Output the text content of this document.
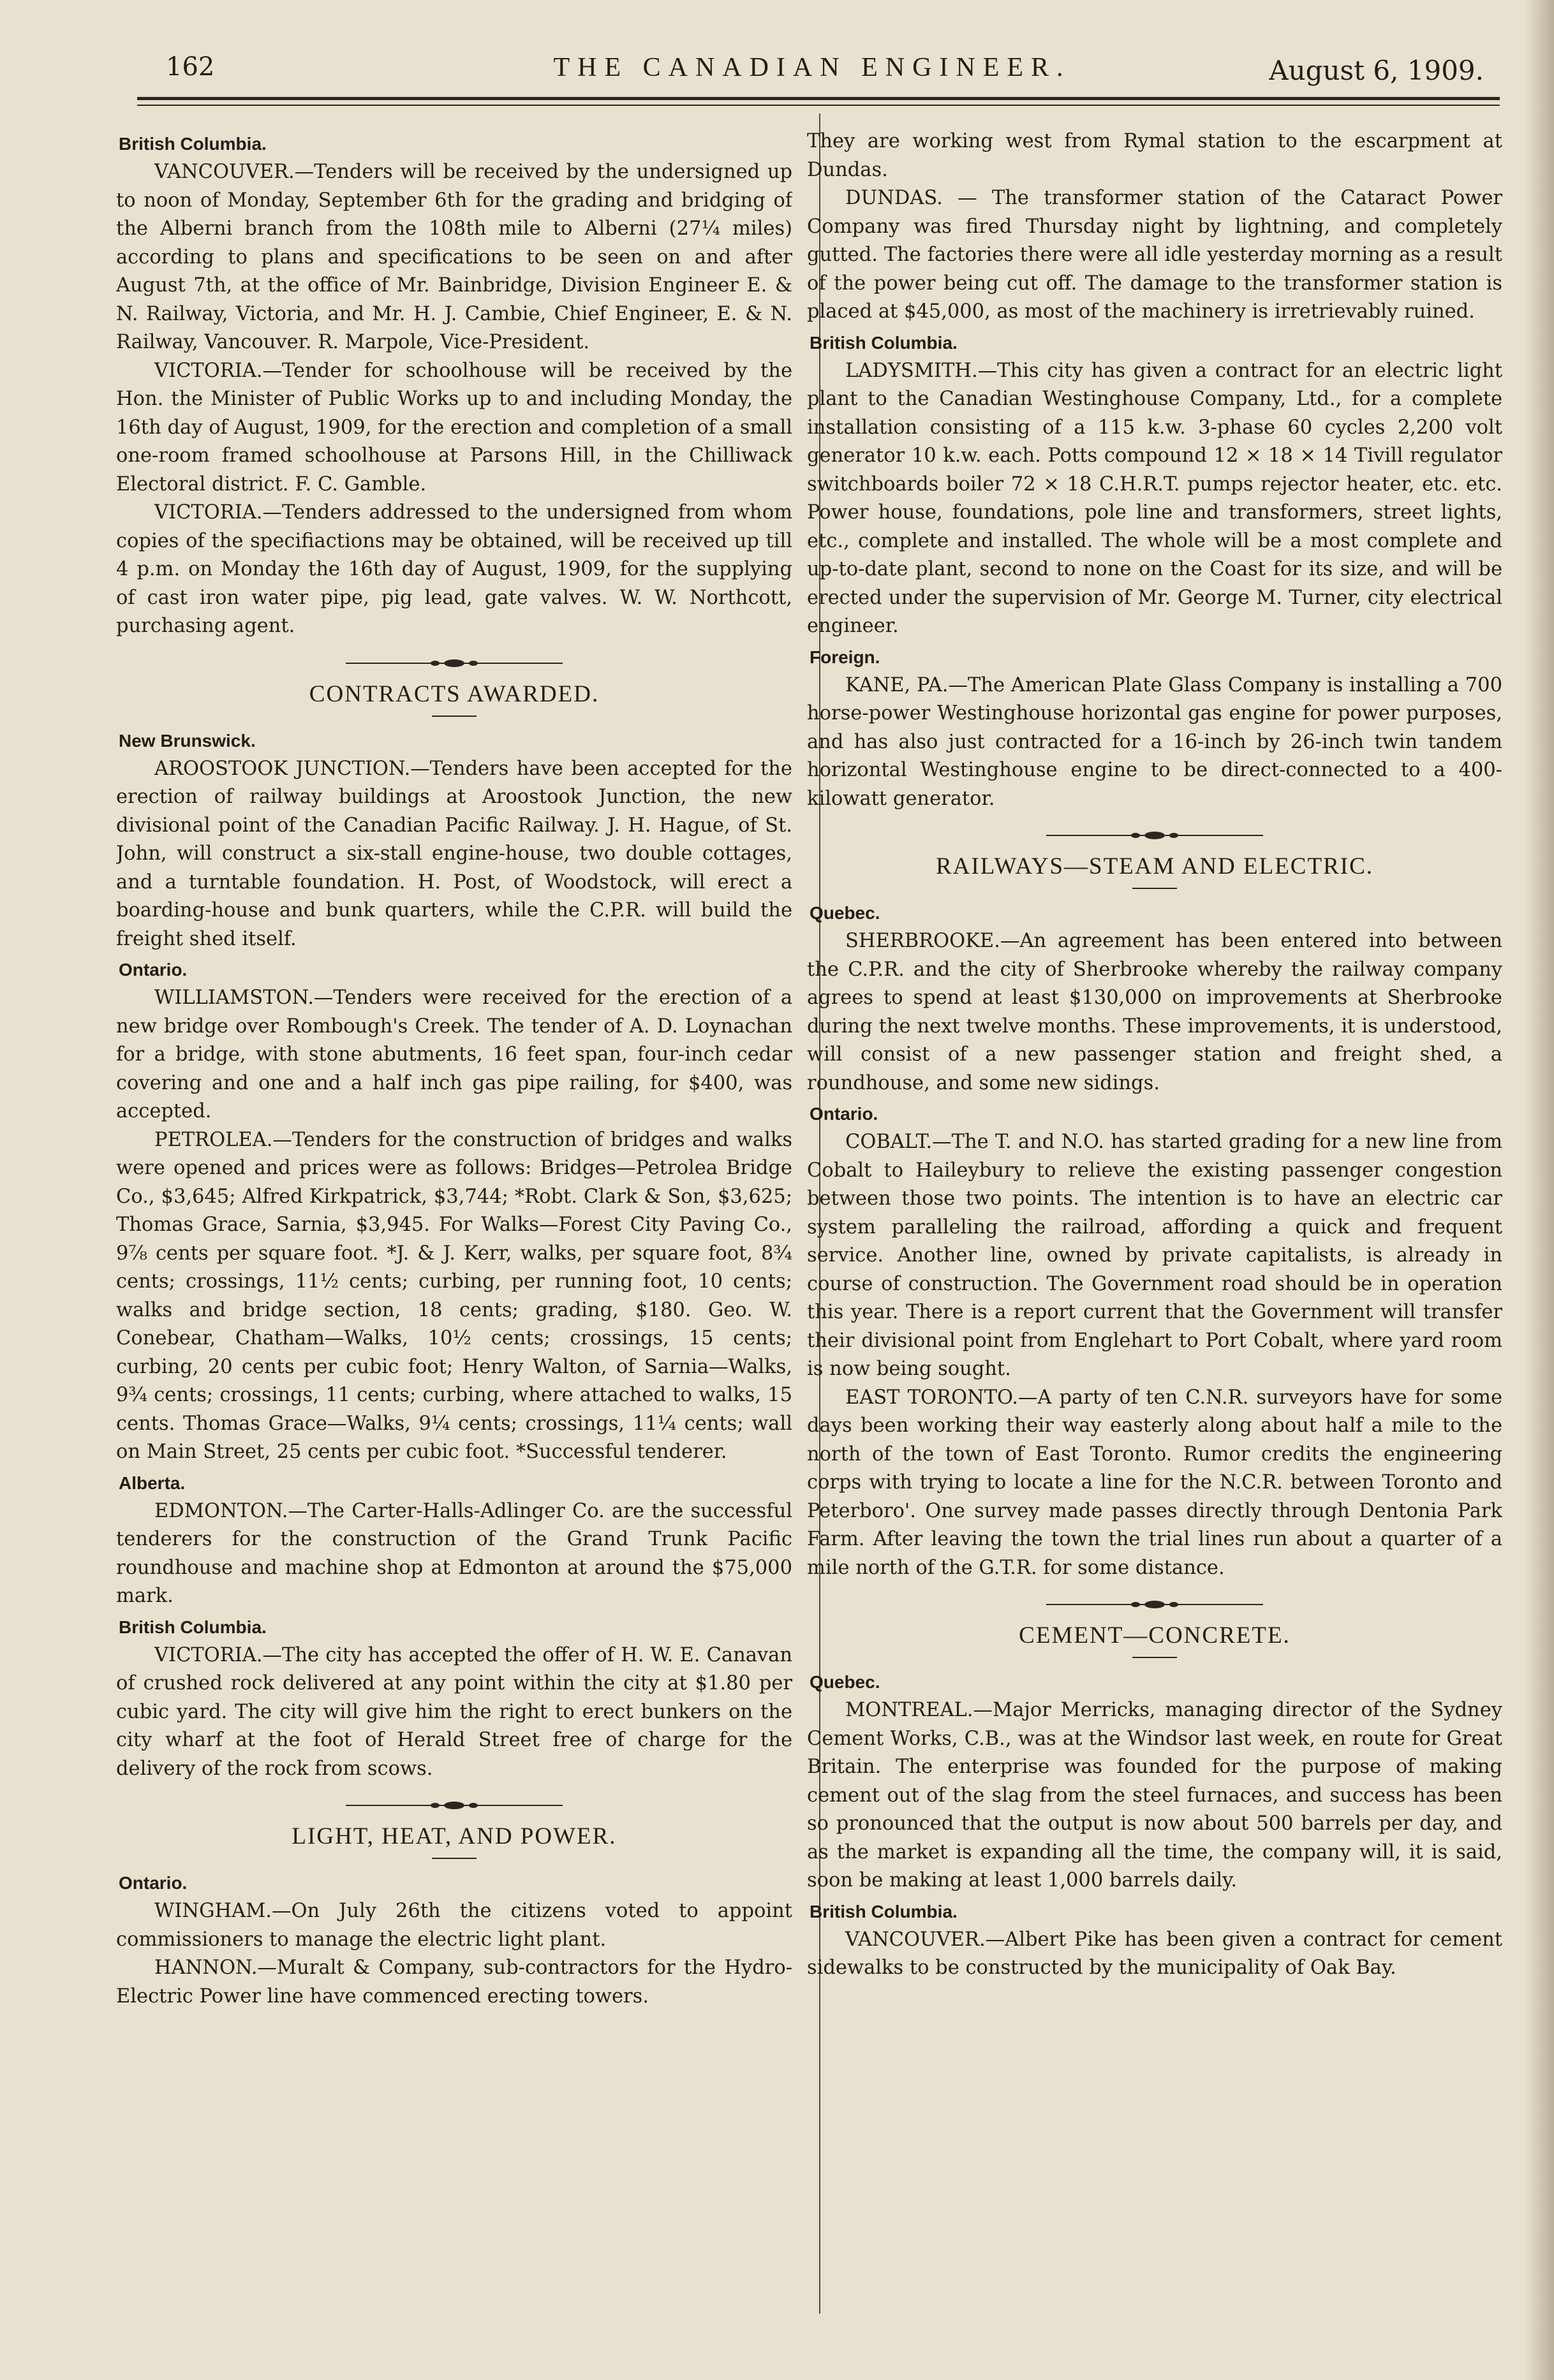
162	THE CANADIAN ENGINEER.	August 6, 1909.
British Columbia.

VANCOUVER.—Tenders will be received by the undersigned up to noon of Monday, September 6th for the grading and bridging of the Alberni branch from the 108th mile to Alberni (27¼ miles) according to plans and specifications to be seen on and after August 7th, at the office of Mr. Bainbridge, Division Engineer E. & N. Railway, Victoria, and Mr. H. J. Cambie, Chief Engineer, E. & N. Railway, Vancouver. R. Marpole, Vice-President.

VICTORIA.—Tender for schoolhouse will be received by the Hon. the Minister of Public Works up to and including Monday, the 16th day of August, 1909, for the erection and completion of a small one-room framed schoolhouse at Parsons Hill, in the Chilliwack Electoral district. F. C. Gamble.

VICTORIA.—Tenders addressed to the undersigned from whom copies of the specifiactions may be obtained, will be received up till 4 p.m. on Monday the 16th day of August, 1909, for the supplying of cast iron water pipe, pig lead, gate valves. W. W. Northcott, purchasing agent.

CONTRACTS AWARDED.
New Brunswick.

AROOSTOOK JUNCTION.—Tenders have been accepted for the erection of railway buildings at Aroostook Junction, the new divisional point of the Canadian Pacific Railway. J. H. Hague, of St. John, will construct a six-stall engine-house, two double cottages, and a turntable foundation. H. Post, of Woodstock, will erect a boarding-house and bunk quarters, while the C.P.R. will build the freight shed itself.

Ontario.

WILLIAMSTON.—Tenders were received for the erection of a new bridge over Rombough's Creek. The tender of A. D. Loynachan for a bridge, with stone abutments, 16 feet span, four-inch cedar covering and one and a half inch gas pipe railing, for $400, was accepted.

PETROLEA.—Tenders for the construction of bridges and walks were opened and prices were as follows: Bridges—Petrolea Bridge Co., $3,645; Alfred Kirkpatrick, $3,744; *Robt. Clark & Son, $3,625; Thomas Grace, Sarnia, $3,945. For Walks—Forest City Paving Co., 9⅞ cents per square foot. *J. & J. Kerr, walks, per square foot, 8¾ cents; crossings, 11½ cents; curbing, per running foot, 10 cents; walks and bridge section, 18 cents; grading, $180. Geo. W. Conebear, Chatham—Walks, 10½ cents; crossings, 15 cents; curbing, 20 cents per cubic foot; Henry Walton, of Sarnia—Walks, 9¾ cents; crossings, 11 cents; curbing, where attached to walks, 15 cents. Thomas Grace—Walks, 9¼ cents; crossings, 11¼ cents; wall on Main Street, 25 cents per cubic foot. *Successful tenderer.

Alberta.

EDMONTON.—The Carter-Halls-Adlinger Co. are the successful tenderers for the construction of the Grand Trunk Pacific roundhouse and machine shop at Edmonton at around the $75,000 mark.

British Columbia.

VICTORIA.—The city has accepted the offer of H. W. E. Canavan of crushed rock delivered at any point within the city at $1.80 per cubic yard. The city will give him the right to erect bunkers on the city wharf at the foot of Herald Street free of charge for the delivery of the rock from scows.

LIGHT, HEAT, AND POWER.
Ontario.

WINGHAM.—On July 26th the citizens voted to appoint commissioners to manage the electric light plant.

HANNON.—Muralt & Company, sub-contractors for the Hydro-Electric Power line have commenced erecting towers.

They are working west from Rymal station to the escarpment at Dundas.

DUNDAS. — The transformer station of the Cataract Power Company was fired Thursday night by lightning, and completely gutted. The factories there were all idle yesterday morning as a result of the power being cut off. The damage to the transformer station is placed at $45,000, as most of the machinery is irretrievably ruined.

British Columbia.

LADYSMITH.—This city has given a contract for an electric light plant to the Canadian Westinghouse Company, Ltd., for a complete installation consisting of a 115 k.w. 3-phase 60 cycles 2,200 volt generator 10 k.w. each. Potts compound 12 × 18 × 14 Tivill regulator switchboards boiler 72 × 18 C.H.R.T. pumps rejector heater, etc. etc. Power house, foundations, pole line and transformers, street lights, etc., complete and installed. The whole will be a most complete and up-to-date plant, second to none on the Coast for its size, and will be erected under the supervision of Mr. George M. Turner, city electrical engineer.

Foreign.

KANE, PA.—The American Plate Glass Company is installing a 700 horse-power Westinghouse horizontal gas engine for power purposes, and has also just contracted for a 16-inch by 26-inch twin tandem horizontal Westinghouse engine to be direct-connected to a 400-kilowatt generator.

RAILWAYS—STEAM AND ELECTRIC.
Quebec.

SHERBROOKE.—An agreement has been entered into between the C.P.R. and the city of Sherbrooke whereby the railway company agrees to spend at least $130,000 on improvements at Sherbrooke during the next twelve months. These improvements, it is understood, will consist of a new passenger station and freight shed, a roundhouse, and some new sidings.

Ontario.

COBALT.—The T. and N.O. has started grading for a new line from Cobalt to Haileybury to relieve the existing passenger congestion between those two points. The intention is to have an electric car system paralleling the railroad, affording a quick and frequent service. Another line, owned by private capitalists, is already in course of construction. The Government road should be in operation this year. There is a report current that the Government will transfer their divisional point from Englehart to Port Cobalt, where yard room is now being sought.

EAST TORONTO.—A party of ten C.N.R. surveyors have for some days been working their way easterly along about half a mile to the north of the town of East Toronto. Rumor credits the engineering corps with trying to locate a line for the N.C.R. between Toronto and Peterboro'. One survey made passes directly through Dentonia Park Farm. After leaving the town the trial lines run about a quarter of a mile north of the G.T.R. for some distance.

CEMENT—CONCRETE.
Quebec.

MONTREAL.—Major Merricks, managing director of the Sydney Cement Works, C.B., was at the Windsor last week, en route for Great Britain. The enterprise was founded for the purpose of making cement out of the slag from the steel furnaces, and success has been so pronounced that the output is now about 500 barrels per day, and as the market is expanding all the time, the company will, it is said, soon be making at least 1,000 barrels daily.

British Columbia.

VANCOUVER.—Albert Pike has been given a contract for cement sidewalks to be constructed by the municipality of Oak Bay.
